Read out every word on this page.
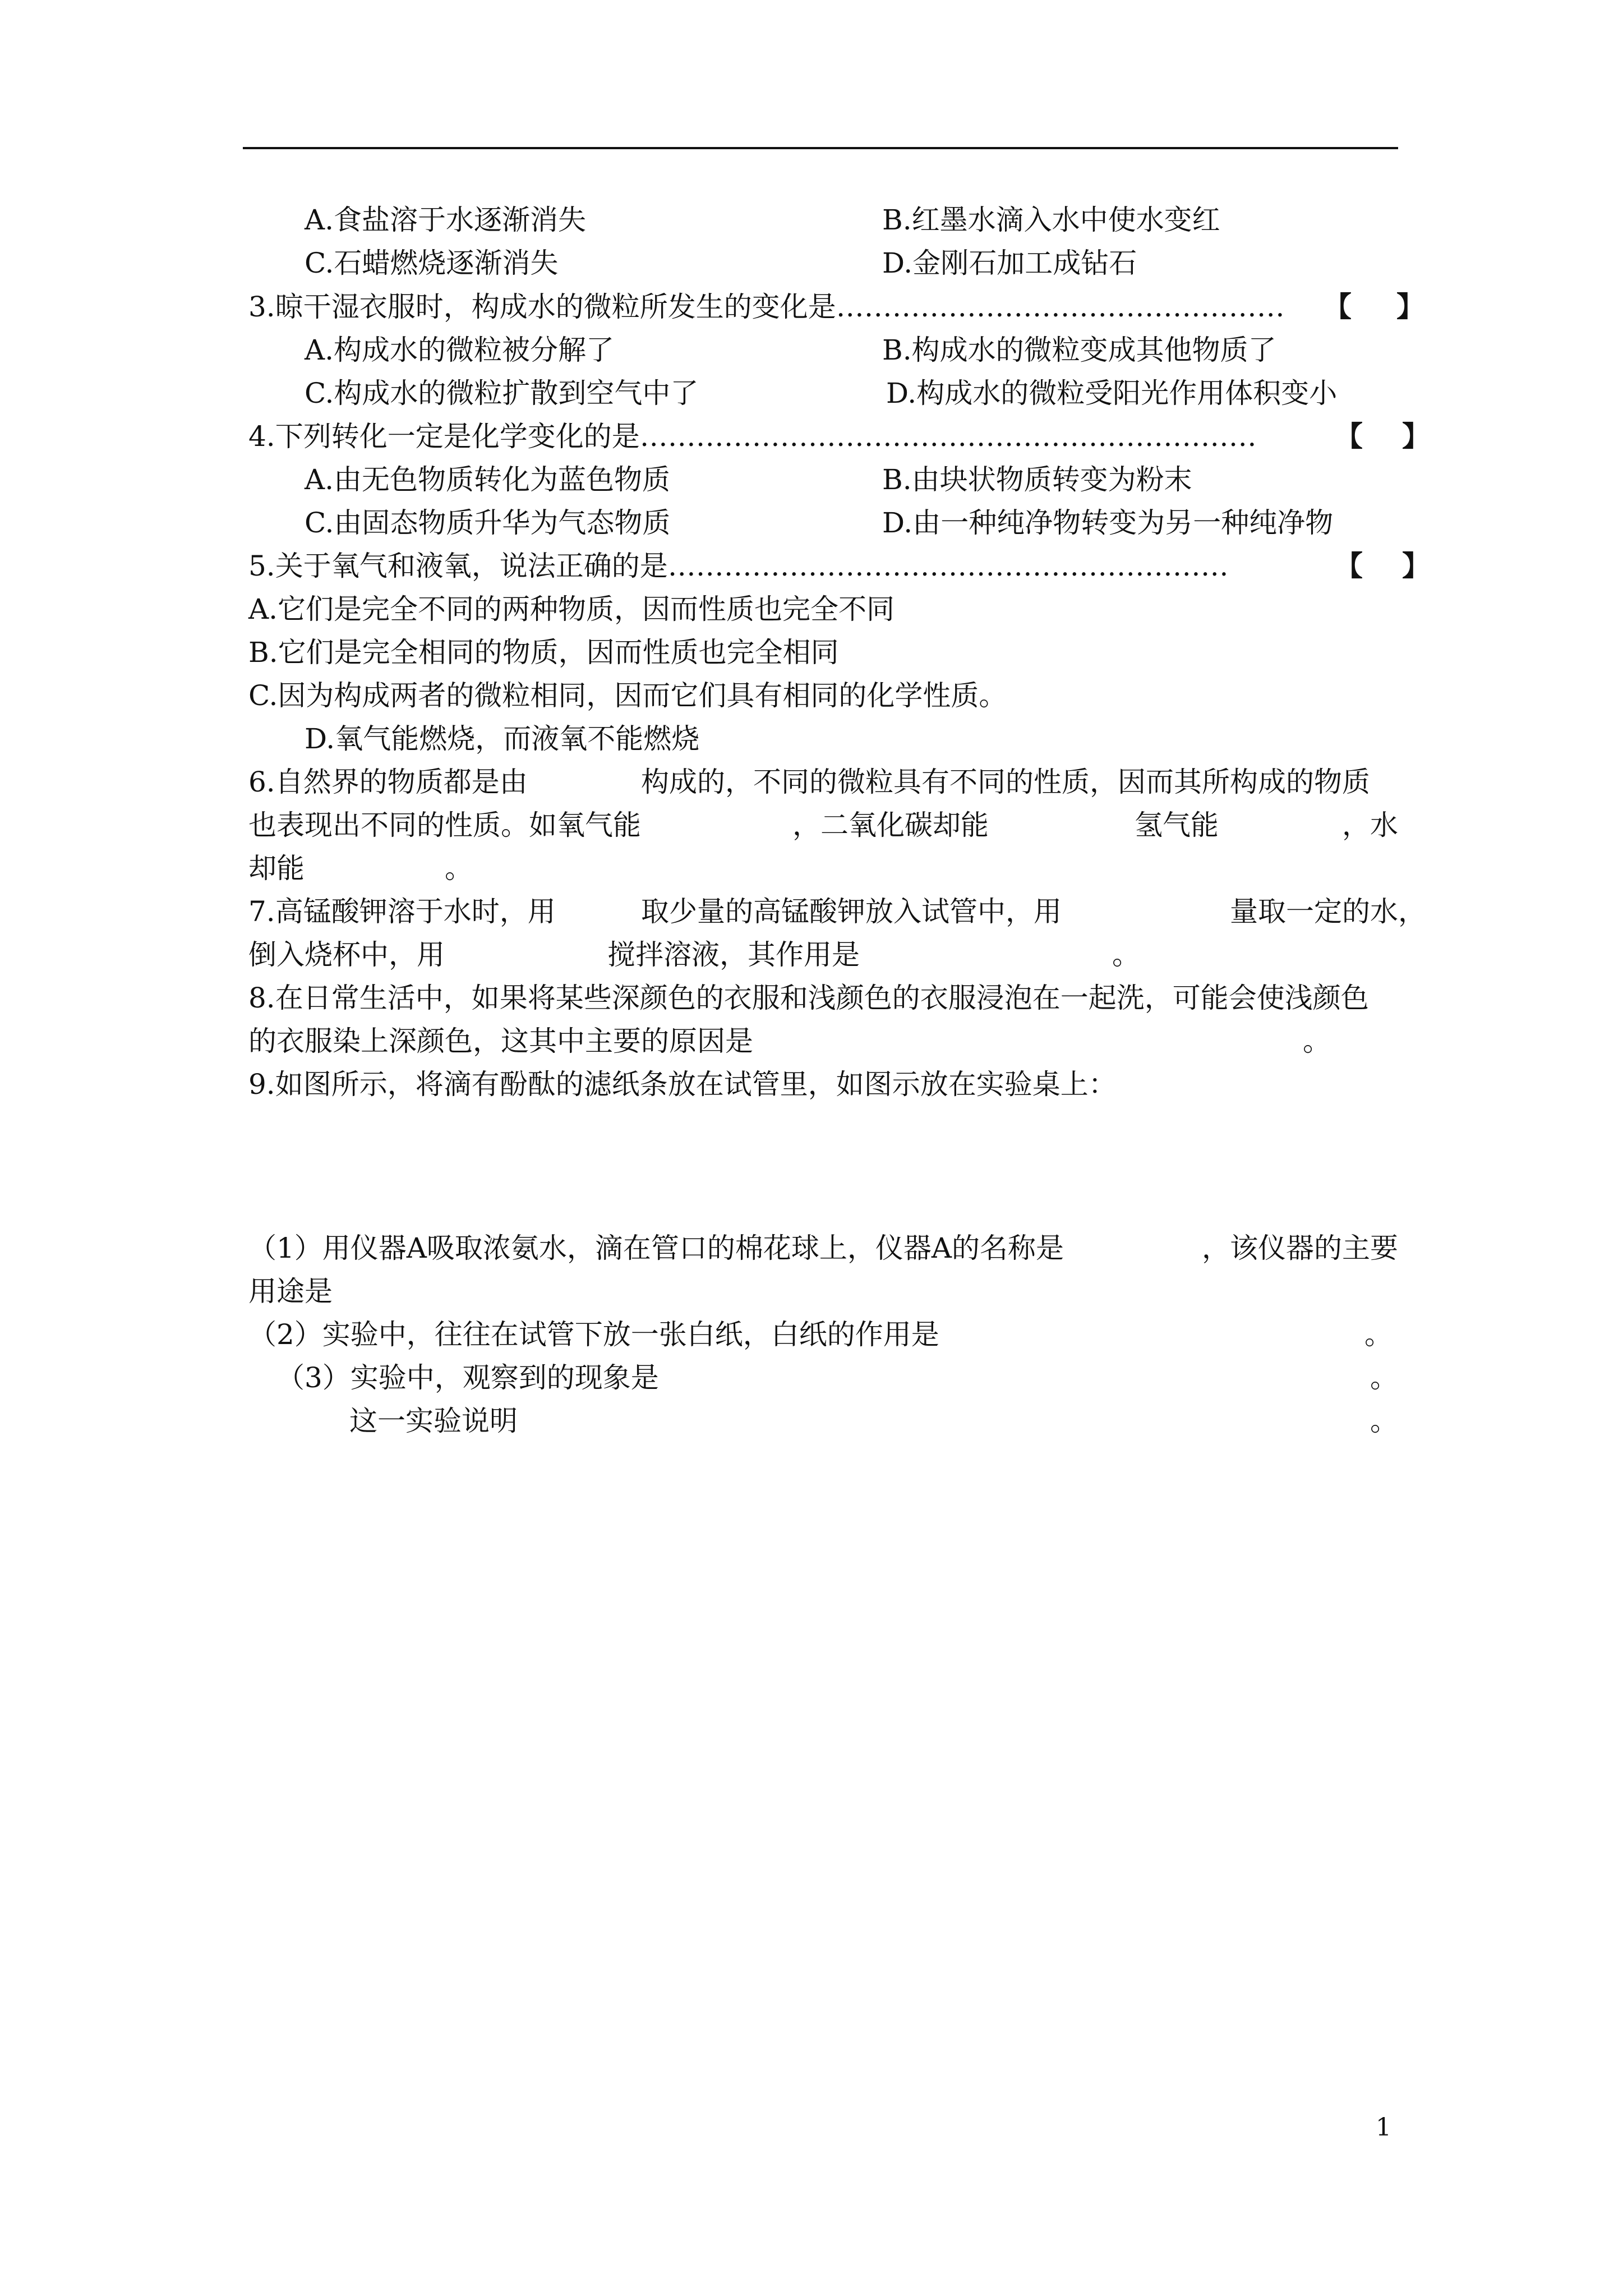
A.食盐溶于水逐渐消失	B.红墨水滴入水中使水变红
C.石蜡燃烧逐渐消失	D.金刚石加工成钻石
3.晾干湿衣服时，构成水的微粒所发生的变化是………………………………………… 【 】
A.构成水的微粒被分解了	B.构成水的微粒变成其他物质了
C.构成水的微粒扩散到空气中了	D.构成水的微粒受阳光作用体积变小
4.下列转化一定是化学变化的是…………………………………………………………	【 】
A.由无色物质转化为蓝色物质	B.由块状物质转变为粉末
C.由固态物质升华为气态物质	D.由一种纯净物转变为另一种纯净物
5.关于氧气和液氧，说法正确的是……………………………………………………	【 】
A.它们是完全不同的两种物质，因而性质也完全不同
B.它们是完全相同的物质，因而性质也完全相同
C.因为构成两者的微粒相同，因而它们具有相同的化学性质。
D.氧气能燃烧，而液氧不能燃烧
6.自然界的物质都是由	构成的，不同的微粒具有不同的性质，因而其所构成的物质
也表现出不同的性质。如氧气能	，二氧化碳却能	氢气能	，水
却能	。
7.高锰酸钾溶于水时，用	取少量的高锰酸钾放入试管中，用	量取一定的水，
倒入烧杯中，用	搅拌溶液，其作用是	。
8.在日常生活中，如果将某些深颜色的衣服和浅颜色的衣服浸泡在一起洗，可能会使浅颜色
的衣服染上深颜色，这其中主要的原因是	。
9.如图所示，将滴有酚酞的滤纸条放在试管里，如图示放在实验桌上：
（1）用仪器A吸取浓氨水，滴在管口的棉花球上，仪器A的名称是	，该仪器的主要
用途是
（2）实验中，往往在试管下放一张白纸，白纸的作用是	。
（3）实验中，观察到的现象是	。
这一实验说明	。
1
